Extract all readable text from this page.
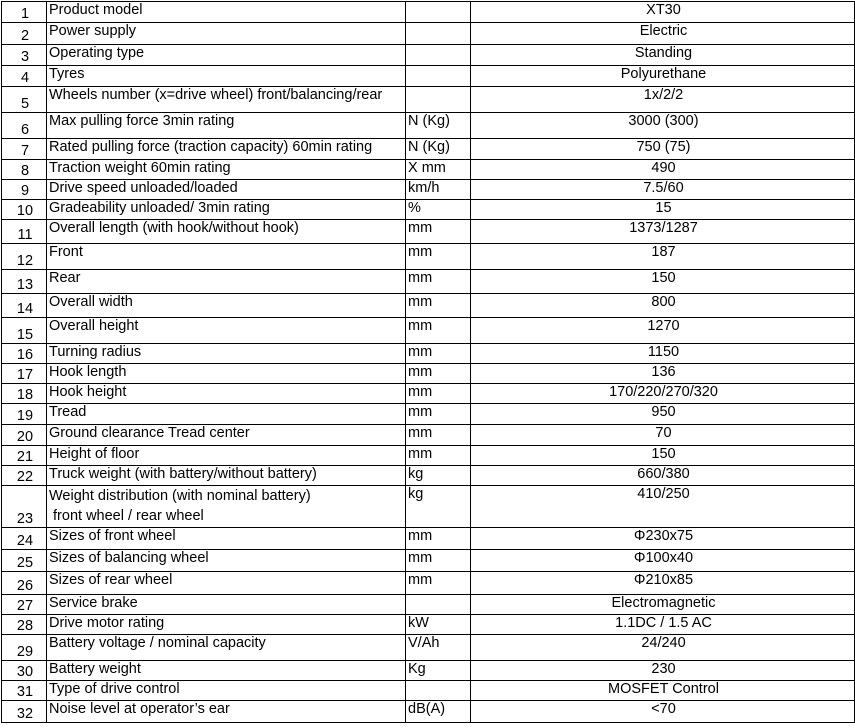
1	Product model		XT30
2	Power supply		Electric
3	Operating type		Standing
4	Tyres		Polyurethane
5	Wheels number (x=drive wheel) front/balancing/rear		1x/2/2
6	Max pulling force 3min rating	N (Kg)	3000 (300)
7	Rated pulling force (traction capacity) 60min rating	N (Kg)	750 (75)
8	Traction weight 60min rating	X mm	490
9	Drive speed unloaded/loaded	km/h	7.5/60
10	Gradeability unloaded/ 3min rating	%	15
11	Overall length (with hook/without hook)	mm	1373/1287
12	Front	mm	187
13	Rear	mm	150
14	Overall width	mm	800
15	Overall height	mm	1270
16	Turning radius	mm	1150
17	Hook length	mm	136
18	Hook height	mm	170/220/270/320
19	Tread	mm	950
20	Ground clearance Tread center	mm	70
21	Height of floor	mm	150
22	Truck weight (with battery/without battery)	kg	660/380
23	Weight distribution (with nominal battery)
front wheel / rear wheel	kg	410/250
24	Sizes of front wheel	mm	Φ230x75
25	Sizes of balancing wheel	mm	Φ100x40
26	Sizes of rear wheel	mm	Φ210x85
27	Service brake		Electromagnetic
28	Drive motor rating	kW	1.1DC / 1.5 AC
29	Battery voltage / nominal capacity	V/Ah	24/240
30	Battery weight	Kg	230
31	Type of drive control		MOSFET Control
32	Noise level at operator’s ear	dB(A)	<70
